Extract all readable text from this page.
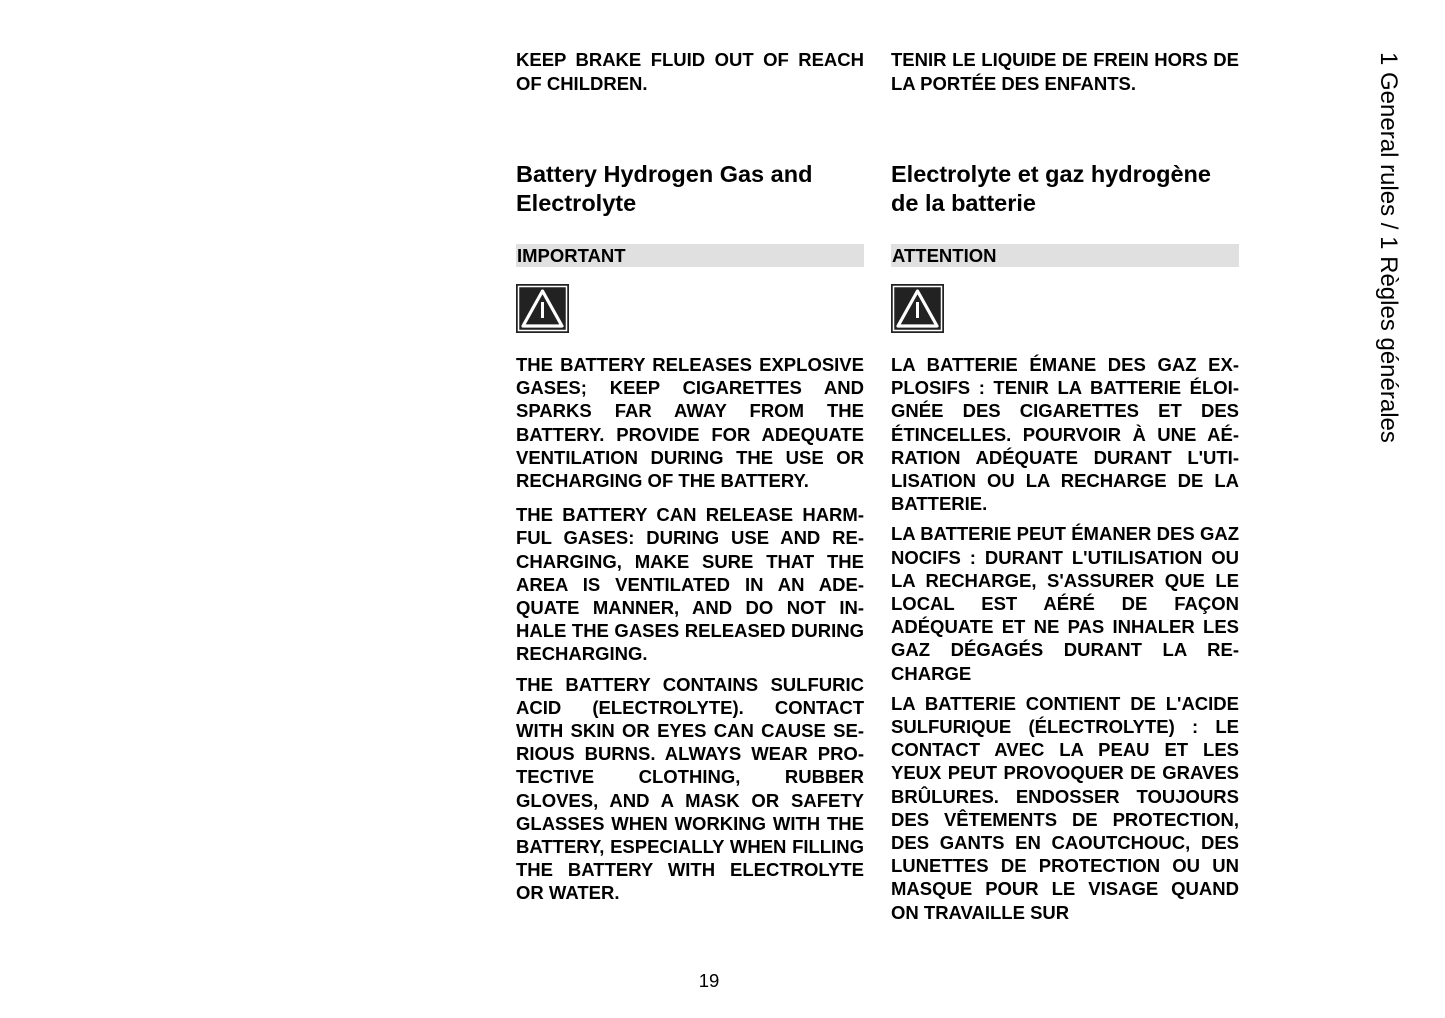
KEEP BRAKE FLUID OUT OF REACH OF CHILDREN.

Battery Hydrogen Gas and Electrolyte
IMPORTANT

THE BATTERY RELEASES EXPLOSIVE GASES; KEEP CIGARETTES AND SPARKS FAR AWAY FROM THE BATTERY. PROVIDE FOR ADEQUATE VENTILATION DURING THE USE OR RECHARGING OF THE BATTERY.

THE BATTERY CAN RELEASE HARMFUL GASES: DURING USE AND RECHARGING, MAKE SURE THAT THE AREA IS VENTILATED IN AN ADEQUATE MANNER, AND DO NOT INHALE THE GASES RELEASED DURING RECHARGING.

THE BATTERY CONTAINS SULFURIC ACID (ELECTROLYTE). CONTACT WITH SKIN OR EYES CAN CAUSE SERIOUS BURNS. ALWAYS WEAR PROTECTIVE CLOTHING, RUBBER GLOVES, AND A MASK OR SAFETY GLASSES WHEN WORKING WITH THE BATTERY, ESPECIALLY WHEN FILLING THE BATTERY WITH ELECTROLYTE OR WATER.

TENIR LE LIQUIDE DE FREIN HORS DE LA PORTÉE DES ENFANTS.

Electrolyte et gaz hydrogène de la batterie
ATTENTION

LA BATTERIE ÉMANE DES GAZ EXPLOSIFS : TENIR LA BATTERIE ÉLOIGNÉE DES CIGARETTES ET DES ÉTINCELLES. POURVOIR À UNE AÉRATION ADÉQUATE DURANT L'UTILISATION OU LA RECHARGE DE LA BATTERIE.

LA BATTERIE PEUT ÉMANER DES GAZ NOCIFS : DURANT L'UTILISATION OU LA RECHARGE, S'ASSURER QUE LE LOCAL EST AÉRÉ DE FAÇON ADÉQUATE ET NE PAS INHALER LES GAZ DÉGAGÉS DURANT LA RECHARGE

LA BATTERIE CONTIENT DE L'ACIDE SULFURIQUE (ÉLECTROLYTE) : LE CONTACT AVEC LA PEAU ET LES YEUX PEUT PROVOQUER DE GRAVES BRÛLURES. ENDOSSER TOUJOURS DES VÊTEMENTS DE PROTECTION, DES GANTS EN CAOUTCHOUC, DES LUNETTES DE PROTECTION OU UN MASQUE POUR LE VISAGE QUAND ON TRAVAILLE SUR

1 General rules / 1 Règles générales
19
